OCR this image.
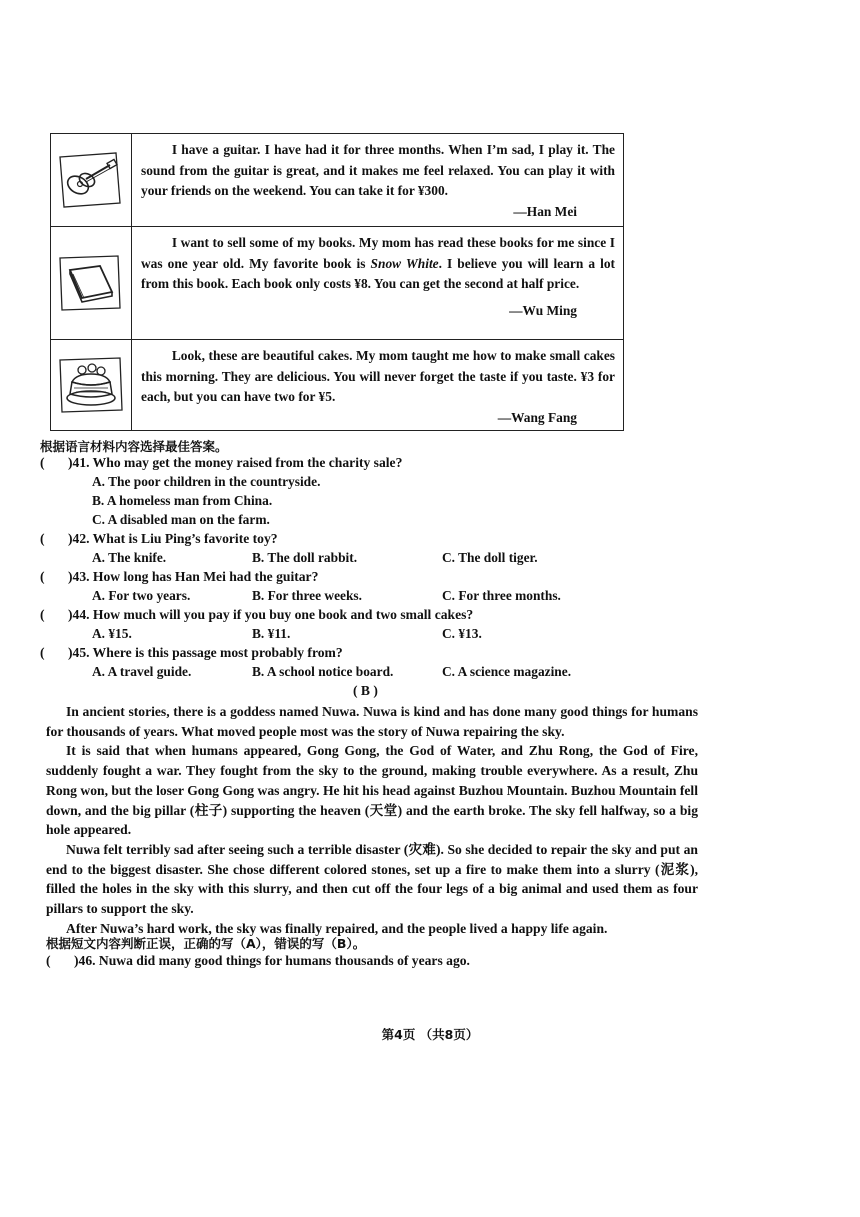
I have a guitar. I have had it for three months. When I’m sad, I play it. The sound from the guitar is great, and it makes me feel relaxed. You can play it with your friends on the weekend. You can take it for ¥300.

—Han Mei

I want to sell some of my books. My mom has read these books for me since I was one year old. My favorite book is Snow White. I believe you will learn a lot from this book. Each book only costs ¥8. You can get the second at half price.

—Wu Ming

Look, these are beautiful cakes. My mom taught me how to make small cakes this morning. They are delicious. You will never forget the taste if you taste. ¥3 for each, but you can have two for ¥5.

—Wang Fang
根据语言材料内容选择最佳答案。
( )41. Who may get the money raised from the charity sale?
A. The poor children in the countryside.
B. A homeless man from China.
C. A disabled man on the farm.
( )42. What is Liu Ping’s favorite toy?
A. The knife.	B. The doll rabbit.	C. The doll tiger.
( )43. How long has Han Mei had the guitar?
A. For two years.	B. For three weeks.	C. For three months.
( )44. How much will you pay if you buy one book and two small cakes?
A. ¥15.	B. ¥11.	C. ¥13.
( )45. Where is this passage most probably from?
A. A travel guide.	B. A school notice board.	C. A science magazine.
( B )

In ancient stories, there is a goddess named Nuwa. Nuwa is kind and has done many good things for humans for thousands of years. What moved people most was the story of Nuwa repairing the sky.

It is said that when humans appeared, Gong Gong, the God of Water, and Zhu Rong, the God of Fire, suddenly fought a war. They fought from the sky to the ground, making trouble everywhere. As a result, Zhu Rong won, but the loser Gong Gong was angry. He hit his head against Buzhou Mountain. Buzhou Mountain fell down, and the big pillar (柱子) supporting the heaven (天堂) and the earth broke. The sky fell halfway, so a big hole appeared.

Nuwa felt terribly sad after seeing such a terrible disaster (灾难). So she decided to repair the sky and put an end to the biggest disaster. She chose different colored stones, set up a fire to make them into a slurry (泥浆), filled the holes in the sky with this slurry, and then cut off the four legs of a big animal and used them as four pillars to support the sky.

After Nuwa’s hard work, the sky was finally repaired, and the people lived a happy life again.

根据短文内容判断正误，正确的写（A），错误的写（B）。
( )46. Nuwa did many good things for humans thousands of years ago.
第4页 （共8页）
